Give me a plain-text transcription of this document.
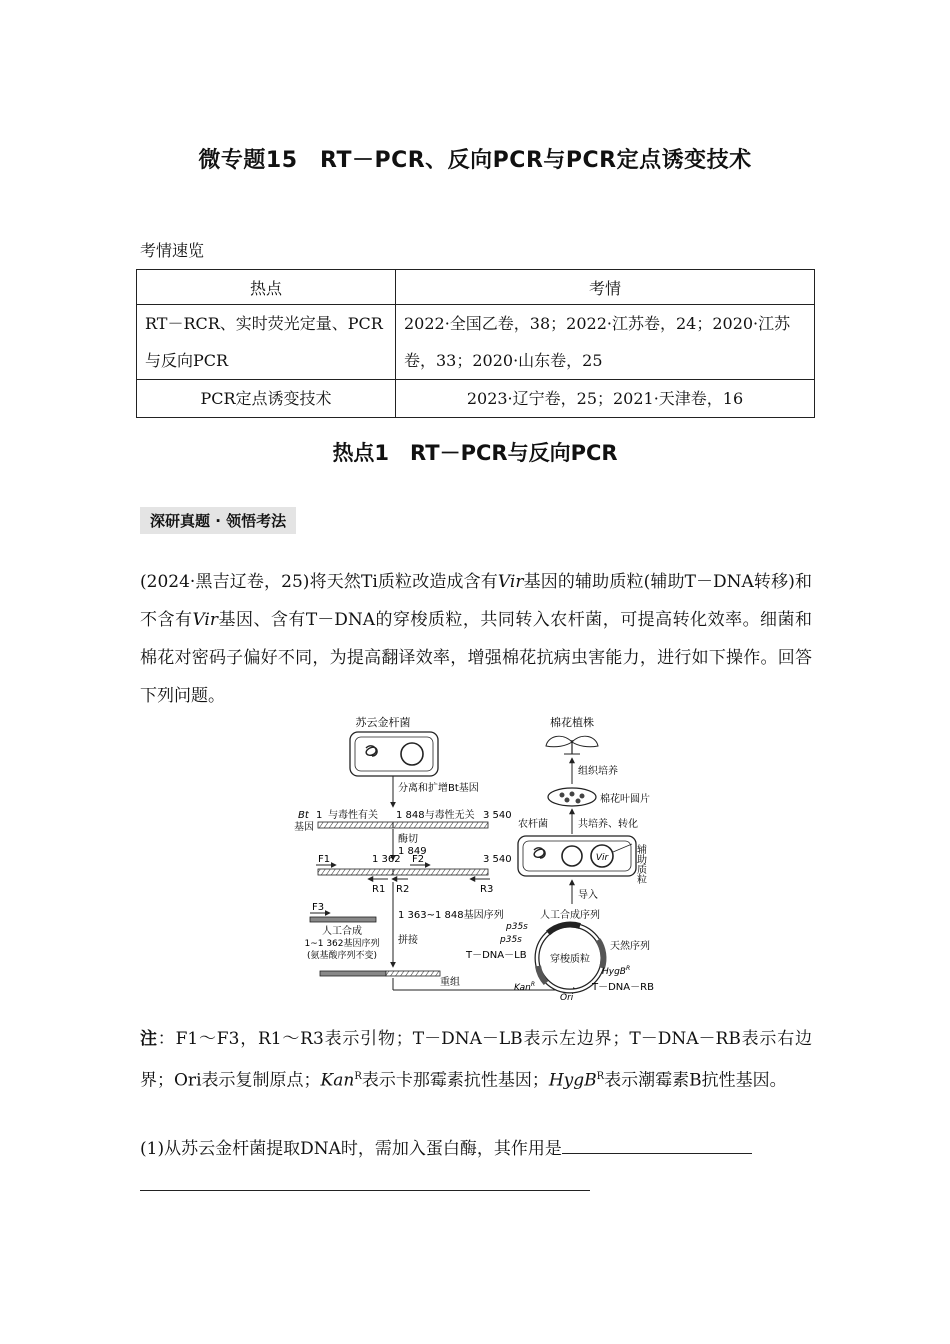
微专题15　RT－PCR、反向PCR与PCR定点诱变技术
考情速览
热点	考情
RT－RCR、实时荧光定量、PCR与反向PCR	2022·全国乙卷，38；2022·江苏卷，24；2020·江苏卷，33；2020·山东卷，25
PCR定点诱变技术	2023·辽宁卷，25；2021·天津卷，16
热点1　RT－PCR与反向PCR
深研真题 · 领悟考法
(2024·黑吉辽卷，25)将天然Ti质粒改造成含有Vir基因的辅助质粒(辅助T－DNA转移)和不含有Vir基因、含有T－DNA的穿梭质粒，共同转入农杆菌，可提高转化效率。细菌和棉花对密码子偏好不同，为提高翻译效率，增强棉花抗病虫害能力，进行如下操作。回答下列问题。
苏云金杆菌
分离和扩增Bt基因
Bt
基因
1 与毒性有关 1 848与毒性无关 3 540
酶切
1 849
F1	1 362 F2	3 540
R1 R2	R3
1 363~1 848基因序列
拼接
F3
人工合成
1~1 362基因序列
(氨基酸序列不变)
重组
棉花植株
组织培养
棉花叶圆片
农杆菌	共培养、转化
Vir	辅助质粒
导入
人工合成序列
穿梭质粒
p35s
p35s
天然序列
T－DNA－LB
HygB$^R$
Kan$^R$
Ori
T－DNA－RB
注：F1～F3，R1～R3表示引物；T－DNA－LB表示左边界；T－DNA－RB表示右边界；Ori表示复制原点；Kan$^R$表示卡那霉素抗性基因；HygB$^R$表示潮霉素B抗性基因。
(1)从苏云金杆菌提取DNA时，需加入蛋白酶，其作用是
